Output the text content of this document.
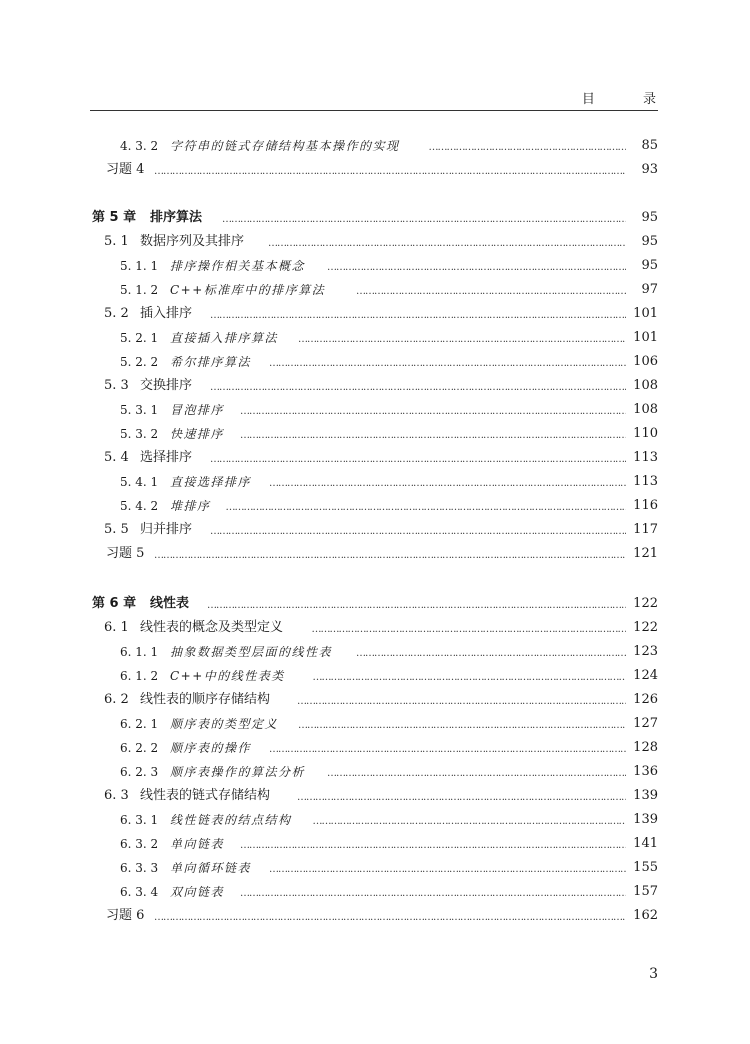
目 录
4. 3. 2 字符串的链式存储结构基本操作的实现 ……………………………………………………………………………………………………………………………………………………………………	85
习题 4 ……………………………………………………………………………………………………………………………………………………………………	93
第 5 章 排序算法 ……………………………………………………………………………………………………………………………………………………………………	95
5. 1 数据序列及其排序 ……………………………………………………………………………………………………………………………………………………………………	95
5. 1. 1 排序操作相关基本概念 ……………………………………………………………………………………………………………………………………………………………………	95
5. 1. 2 C++标准库中的排序算法 ……………………………………………………………………………………………………………………………………………………………………	97
5. 2 插入排序 ……………………………………………………………………………………………………………………………………………………………………	101
5. 2. 1 直接插入排序算法 ……………………………………………………………………………………………………………………………………………………………………	101
5. 2. 2 希尔排序算法 ……………………………………………………………………………………………………………………………………………………………………	106
5. 3 交换排序 ……………………………………………………………………………………………………………………………………………………………………	108
5. 3. 1 冒泡排序 ……………………………………………………………………………………………………………………………………………………………………	108
5. 3. 2 快速排序 ……………………………………………………………………………………………………………………………………………………………………	110
5. 4 选择排序 ……………………………………………………………………………………………………………………………………………………………………	113
5. 4. 1 直接选择排序 ……………………………………………………………………………………………………………………………………………………………………	113
5. 4. 2 堆排序 ……………………………………………………………………………………………………………………………………………………………………	116
5. 5 归并排序 ……………………………………………………………………………………………………………………………………………………………………	117
习题 5 ……………………………………………………………………………………………………………………………………………………………………	121
第 6 章 线性表 ……………………………………………………………………………………………………………………………………………………………………	122
6. 1 线性表的概念及类型定义 ……………………………………………………………………………………………………………………………………………………………………	122
6. 1. 1 抽象数据类型层面的线性表 ……………………………………………………………………………………………………………………………………………………………………	123
6. 1. 2 C++中的线性表类 ……………………………………………………………………………………………………………………………………………………………………	124
6. 2 线性表的顺序存储结构 ……………………………………………………………………………………………………………………………………………………………………	126
6. 2. 1 顺序表的类型定义 ……………………………………………………………………………………………………………………………………………………………………	127
6. 2. 2 顺序表的操作 ……………………………………………………………………………………………………………………………………………………………………	128
6. 2. 3 顺序表操作的算法分析 ……………………………………………………………………………………………………………………………………………………………………	136
6. 3 线性表的链式存储结构 ……………………………………………………………………………………………………………………………………………………………………	139
6. 3. 1 线性链表的结点结构 ……………………………………………………………………………………………………………………………………………………………………	139
6. 3. 2 单向链表 ……………………………………………………………………………………………………………………………………………………………………	141
6. 3. 3 单向循环链表 ……………………………………………………………………………………………………………………………………………………………………	155
6. 3. 4 双向链表 ……………………………………………………………………………………………………………………………………………………………………	157
习题 6 ……………………………………………………………………………………………………………………………………………………………………	162
3
